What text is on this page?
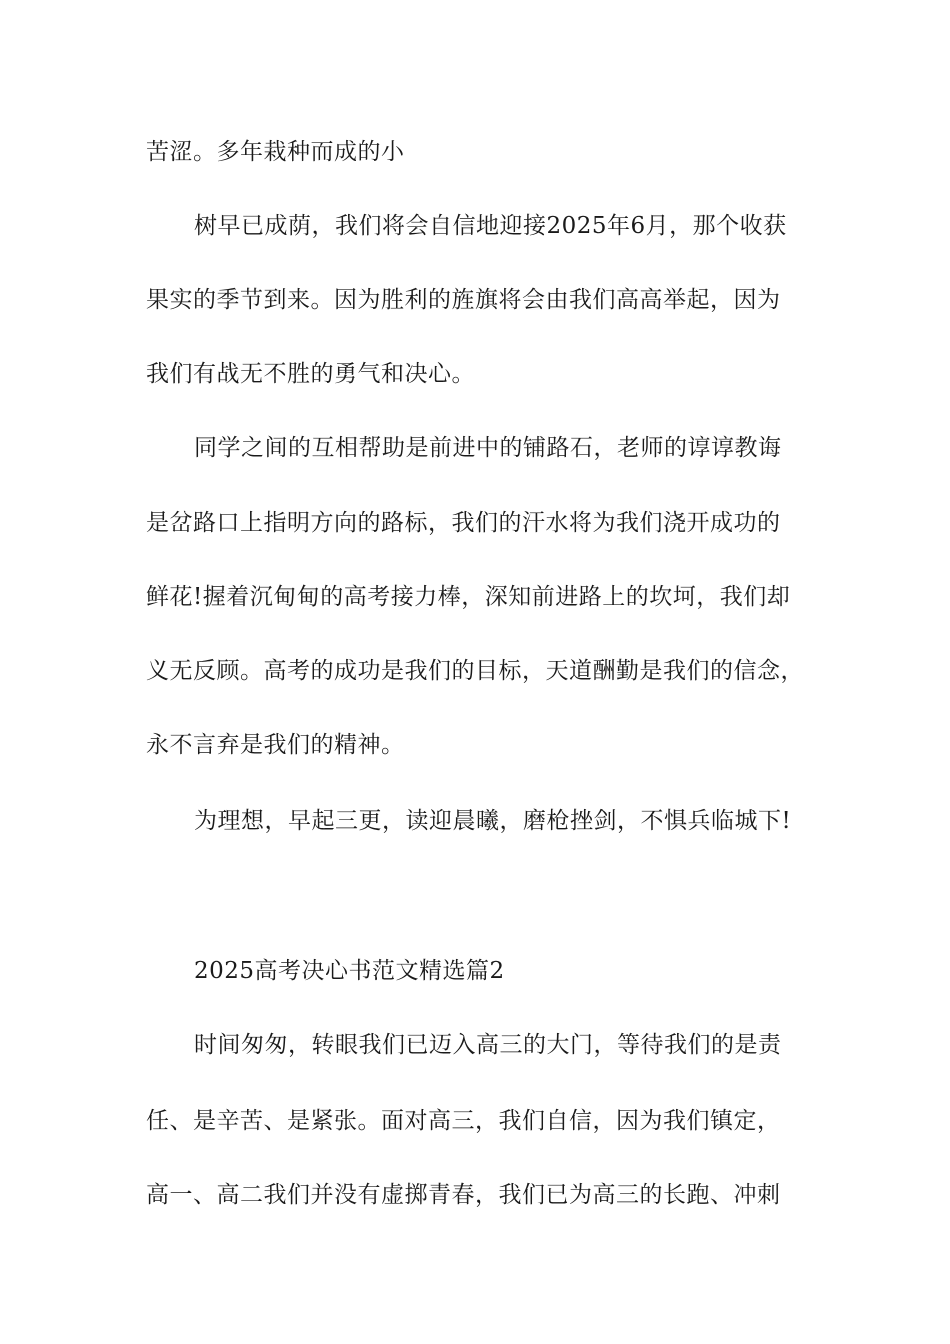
苦涩。多年栽种而成的小
树早已成荫，我们将会自信地迎接2025年6月，那个收获
果实的季节到来。因为胜利的旌旗将会由我们高高举起，因为
我们有战无不胜的勇气和决心。
同学之间的互相帮助是前进中的铺路石，老师的谆谆教诲
是岔路口上指明方向的路标，我们的汗水将为我们浇开成功的
鲜花!握着沉甸甸的高考接力棒，深知前进路上的坎坷，我们却
义无反顾。高考的成功是我们的目标，天道酬勤是我们的信念，
永不言弃是我们的精神。
为理想，早起三更，读迎晨曦，磨枪挫剑，不惧兵临城下!
2025高考决心书范文精选篇2
时间匆匆，转眼我们已迈入高三的大门，等待我们的是责
任、是辛苦、是紧张。面对高三，我们自信，因为我们镇定，
高一、高二我们并没有虚掷青春，我们已为高三的长跑、冲刺
